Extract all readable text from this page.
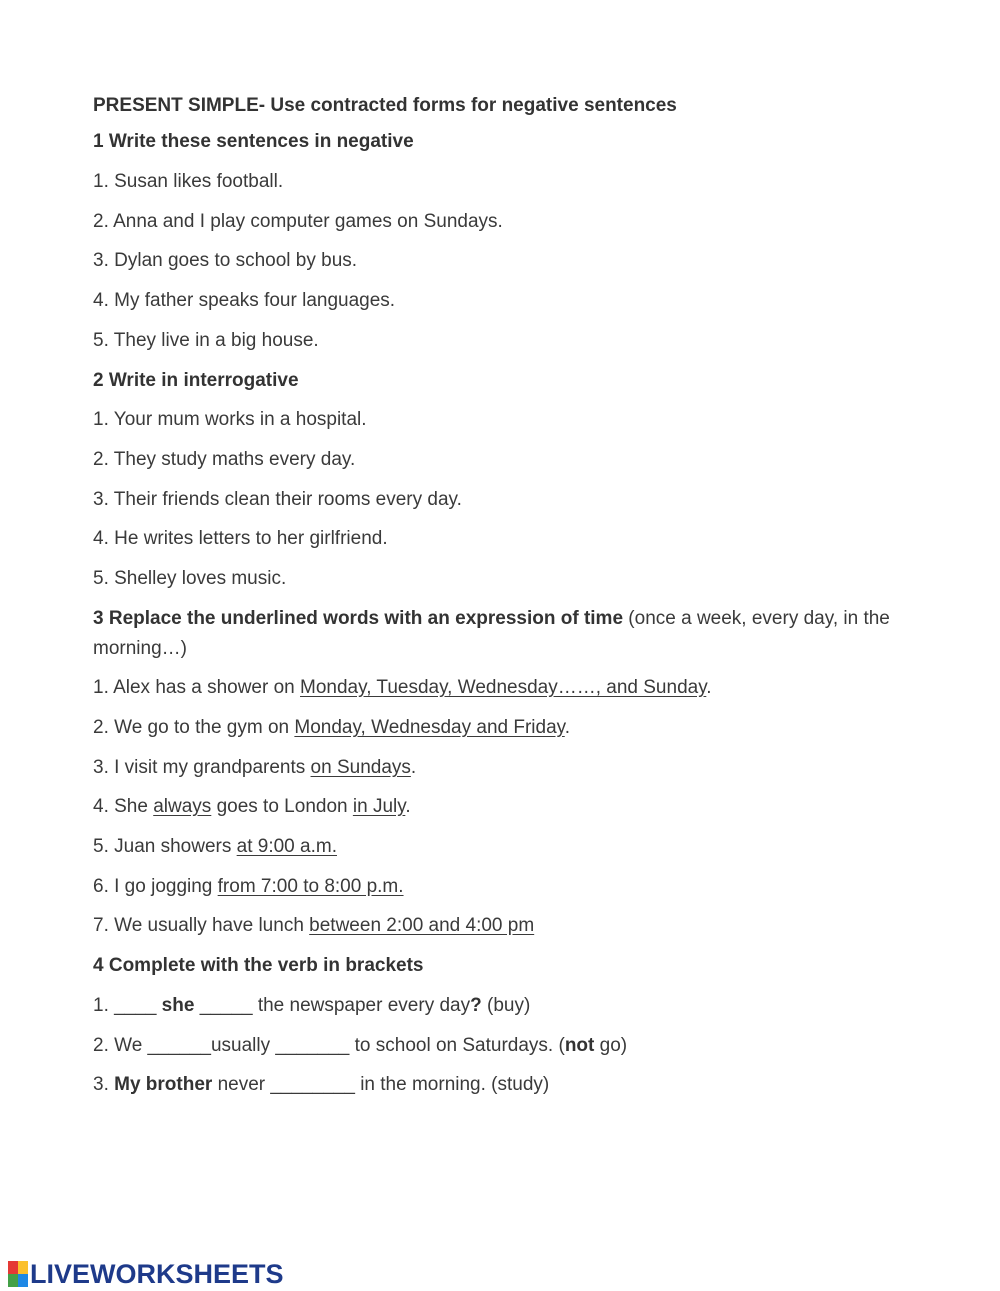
PRESENT SIMPLE- Use contracted forms for negative sentences
1 Write these sentences in negative
1. Susan likes football.
2. Anna and I play computer games on Sundays.
3. Dylan goes to school by bus.
4. My father speaks four languages.
5. They live in a big house.
2 Write in interrogative
1. Your mum works in a hospital.
2. They study maths every day.
3. Their friends clean their rooms every day.
4. He writes letters to her girlfriend.
5. Shelley loves music.
3 Replace the underlined words with an expression of time (once a week, every day, in the morning…)
1. Alex has a shower on Monday, Tuesday, Wednesday……, and Sunday.
2. We go to the gym on Monday, Wednesday and Friday.
3. I visit my grandparents on Sundays.
4. She always goes to London in July.
5. Juan showers at 9:00 a.m.
6. I go jogging from 7:00 to 8:00 p.m.
7. We usually have lunch between 2:00 and 4:00 pm
4 Complete with the verb in brackets
1. ____ she _____ the newspaper every day? (buy)
2. We ______usually _______ to school on Saturdays. (not go)
3. My brother never ________ in the morning. (study)
LIVEWORKSHEETS
